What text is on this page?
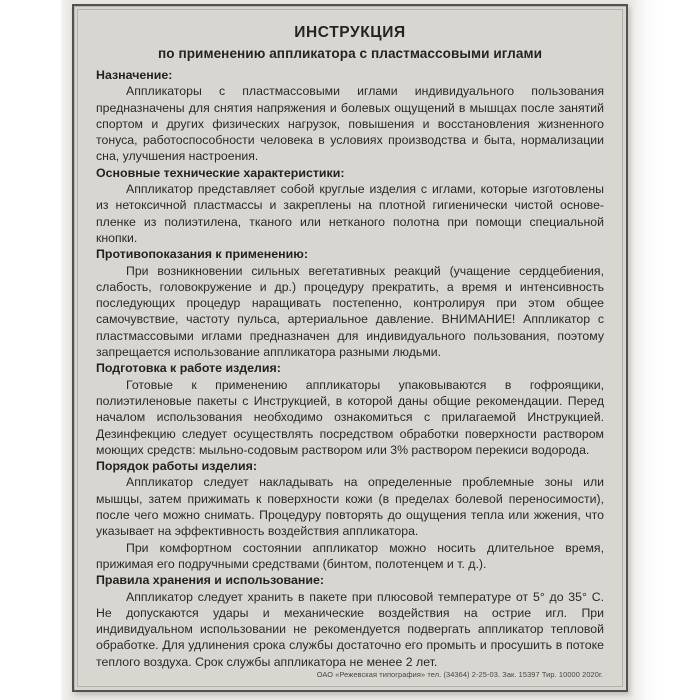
ИНСТРУКЦИЯ
по применению аппликатора с пластмассовыми иглами
Назначение:

Аппликаторы с пластмассовыми иглами индивидуального пользования предназначены для снятия напряжения и болевых ощущений в мышцах после занятий спортом и других физических нагрузок, повышения и восстановления жизненного тонуса, работоспособности человека в условиях производства и быта, нормализации сна, улучшения настроения.

Основные технические характеристики:

Аппликатор представляет собой круглые изделия с иглами, которые изготовлены из нетоксичной пластмассы и закреплены на плотной гигиенически чистой основе-пленке из полиэтилена, тканого или нетканого полотна при помощи специальной кнопки.

Противопоказания к применению:

При возникновении сильных вегетативных реакций (учащение сердцебиения, слабость, головокружение и др.) процедуру прекратить, а время и интенсивность последующих процедур наращивать постепенно, контролируя при этом общее самочувствие, частоту пульса, артериальное давление. ВНИМАНИЕ! Аппликатор с пластмассовыми иглами предназначен для индивидуального пользования, поэтому запрещается использование аппликатора разными людьми.

Подготовка к работе изделия:

Готовые к применению аппликаторы упаковываются в гофроящики, полиэтиленовые пакеты с Инструкцией, в которой даны общие рекомендации. Перед началом использования необходимо ознакомиться с прилагаемой Инструкцией. Дезинфекцию следует осуществлять посредством обработки поверхности раствором моющих средств: мыльно-содовым раствором или 3% раствором перекиси водорода.

Порядок работы изделия:

Аппликатор следует накладывать на определенные проблемные зоны или мышцы, затем прижимать к поверхности кожи (в пределах болевой переносимости), после чего можно снимать. Процедуру повторять до ощущения тепла или жжения, что указывает на эффективность воздействия аппликатора.

При комфортном состоянии аппликатор можно носить длительное время, прижимая его подручными средствами (бинтом, полотенцем и т. д.).

Правила хранения и использование:

Аппликатор следует хранить в пакете при плюсовой температуре от 5° до 35° С. Не допускаются удары и механические воздействия на острие игл. При индивидуальном использовании не рекомендуется подвергать аппликатор тепловой обработке. Для удлинения срока службы достаточно его промыть и просушить в потоке теплого воздуха. Срок службы аппликатора не менее 2 лет.

ОАО «Режевская типография» тел. (34364) 2-25-03. Зак. 15397 Тир. 10000 2020г.
